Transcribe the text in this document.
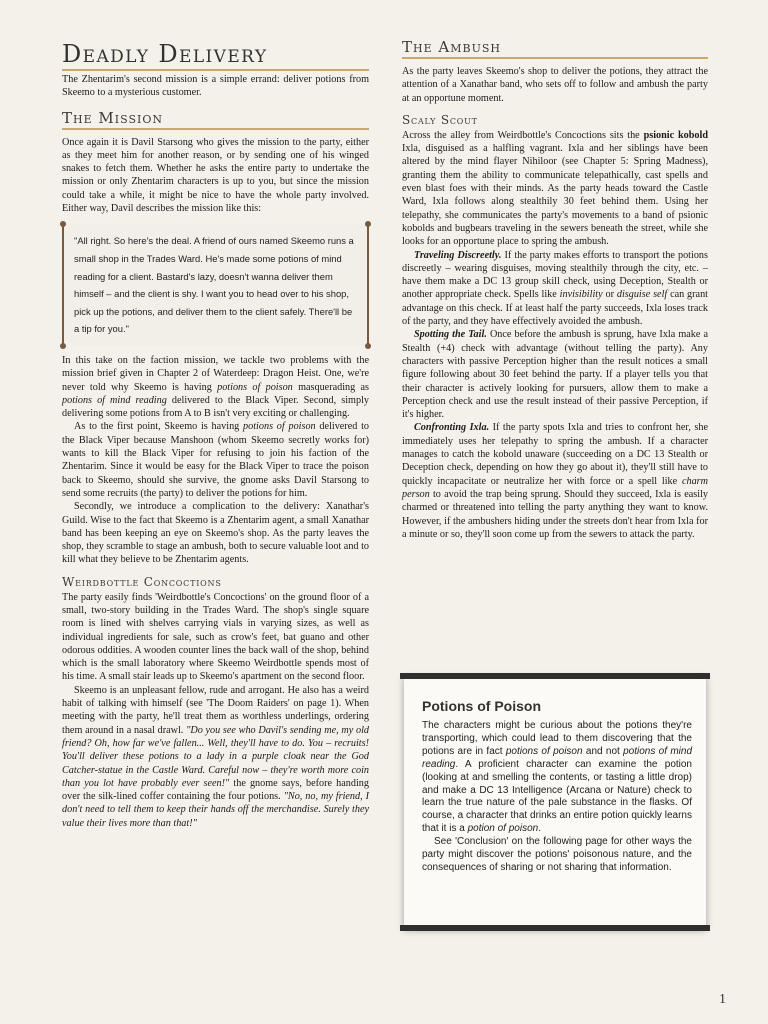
Deadly Delivery

The Zhentarim's second mission is a simple errand: deliver potions from Skeemo to a mysterious customer.

The Mission

Once again it is Davil Starsong who gives the mission to the party, either as they meet him for another reason, or by sending one of his winged snakes to fetch them. Whether he asks the entire party to undertake the mission or only Zhentarim characters is up to you, but since the mission could take a while, it might be nice to have the whole party involved. Either way, Davil describes the mission like this:

"All right. So here's the deal. A friend of ours named Skeemo runs a small shop in the Trades Ward. He's made some potions of mind reading for a client. Bastard's lazy, doesn't wanna deliver them himself – and the client is shy. I want you to head over to his shop, pick up the potions, and deliver them to the client safely. There'll be a tip for you."

In this take on the faction mission, we tackle two problems with the mission brief given in Chapter 2 of Waterdeep: Dragon Heist. One, we're never told why Skeemo is having potions of poison masquerading as potions of mind reading delivered to the Black Viper. Second, simply delivering some potions from A to B isn't very exciting or challenging.

As to the first point, Skeemo is having potions of poison delivered to the Black Viper because Manshoon (whom Skeemo secretly works for) wants to kill the Black Viper for refusing to join his faction of the Zhentarim. Since it would be easy for the Black Viper to trace the poison back to Skeemo, should she survive, the gnome asks Davil Starsong to send some recruits (the party) to deliver the potions for him.

Secondly, we introduce a complication to the delivery: Xanathar's Guild. Wise to the fact that Skeemo is a Zhentarim agent, a small Xanathar band has been keeping an eye on Skeemo's shop. As the party leaves the shop, they scramble to stage an ambush, both to secure valuable loot and to kill what they believe to be Zhentarim agents.

Weirdbottle Concoctions

The party easily finds 'Weirdbottle's Concoctions' on the ground floor of a small, two-story building in the Trades Ward. The shop's single square room is lined with shelves carrying vials in varying sizes, as well as individual ingredients for sale, such as crow's feet, bat guano and other odorous oddities. A wooden counter lines the back wall of the shop, behind which is the small laboratory where Skeemo Weirdbottle spends most of his time. A small stair leads up to Skeemo's apartment on the second floor.

Skeemo is an unpleasant fellow, rude and arrogant. He also has a weird habit of talking with himself (see 'The Doom Raiders' on page 1). When meeting with the party, he'll treat them as worthless underlings, ordering them around in a nasal drawl. "Do you see who Davil's sending me, my old friend? Oh, how far we've fallen... Well, they'll have to do. You – recruits! You'll deliver these potions to a lady in a purple cloak near the God Catcher-statue in the Castle Ward. Careful now – they're worth more coin than you lot have probably ever seen!" the gnome says, before handing over the silk-lined coffer containing the four potions. "No, no, my friend, I don't need to tell them to keep their hands off the merchandise. Surely they value their lives more than that!"

The Ambush

As the party leaves Skeemo's shop to deliver the potions, they attract the attention of a Xanathar band, who sets off to follow and ambush the party at an opportune moment.

Scaly Scout

Across the alley from Weirdbottle's Concoctions sits the psionic kobold Ixla, disguised as a halfling vagrant. Ixla and her siblings have been altered by the mind flayer Nihiloor (see Chapter 5: Spring Madness), granting them the ability to communicate telepathically, cast spells and even blast foes with their minds. As the party heads toward the Castle Ward, Ixla follows along stealthily 30 feet behind them. Using her telepathy, she communicates the party's movements to a band of psionic kobolds and bugbears traveling in the sewers beneath the street, while she looks for an opportune place to spring the ambush.

Traveling Discreetly. If the party makes efforts to transport the potions discreetly – wearing disguises, moving stealthily through the city, etc. – have them make a DC 13 group skill check, using Deception, Stealth or another appropriate check. Spells like invisibility or disguise self can grant advantage on this check. If at least half the party succeeds, Ixla loses track of the party, and they have effectively avoided the ambush.

Spotting the Tail. Once before the ambush is sprung, have Ixla make a Stealth (+4) check with advantage (without telling the party). Any characters with passive Perception higher than the result notices a small figure following about 30 feet behind the party. If a player tells you that their character is actively looking for pursuers, allow them to make a Perception check and use the result instead of their passive Perception, if it's higher.

Confronting Ixla. If the party spots Ixla and tries to confront her, she immediately uses her telepathy to spring the ambush. If a character manages to catch the kobold unaware (succeeding on a DC 13 Stealth or Deception check, depending on how they go about it), they'll still have to quickly incapacitate or neutralize her with force or a spell like charm person to avoid the trap being sprung. Should they succeed, Ixla is easily charmed or threatened into telling the party anything they want to know. However, if the ambushers hiding under the streets don't hear from Ixla for a minute or so, they'll soon come up from the sewers to attack the party.

Potions of Poison

The characters might be curious about the potions they're transporting, which could lead to them discovering that the potions are in fact potions of poison and not potions of mind reading. A proficient character can examine the potion (looking at and smelling the contents, or tasting a little drop) and make a DC 13 Intelligence (Arcana or Nature) check to learn the true nature of the pale substance in the flasks. Of course, a character that drinks an entire potion quickly learns that it is a potion of poison.

See 'Conclusion' on the following page for other ways the party might discover the potions' poisonous nature, and the consequences of sharing or not sharing that information.

1
